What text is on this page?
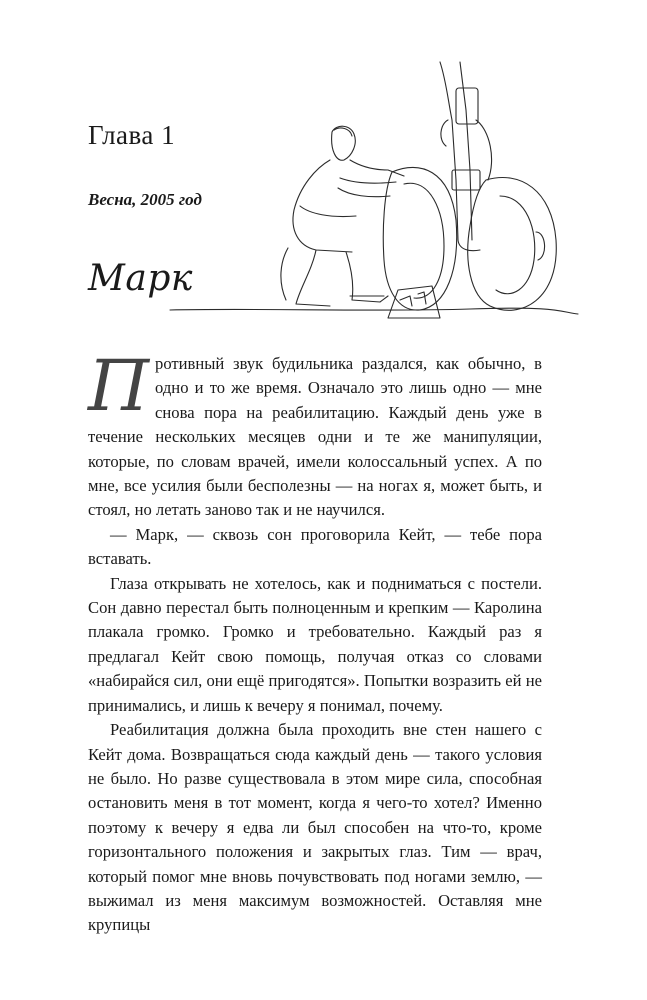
Глава 1
Весна, 2005 год
Марк

Противный звук будильника раздался, как обычно, в одно и то же время. Означало это лишь одно — мне снова пора на реабилитацию. Каждый день уже в течение нескольких месяцев одни и те же манипуляции, которые, по словам врачей, имели колоссальный успех. А по мне, все усилия были бесполезны — на ногах я, может быть, и стоял, но летать заново так и не научился.

— Марк, — сквозь сон проговорила Кейт, — тебе пора вставать.

Глаза открывать не хотелось, как и подниматься с постели. Сон давно перестал быть полноценным и крепким — Каролина плакала громко. Громко и требовательно. Каждый раз я предлагал Кейт свою помощь, получая отказ со словами «набирайся сил, они ещё пригодятся». Попытки возразить ей не принимались, и лишь к вечеру я понимал, почему.

Реабилитация должна была проходить вне стен нашего с Кейт дома. Возвращаться сюда каждый день — такого условия не было. Но разве существовала в этом мире сила, способная остановить меня в тот момент, когда я чего-то хотел? Именно поэтому к вечеру я едва ли был способен на что-то, кроме горизонтального положения и закрытых глаз. Тим — врач, который помог мне вновь почувствовать под ногами землю, — выжимал из меня максимум возможностей. Оставляя мне крупицы
